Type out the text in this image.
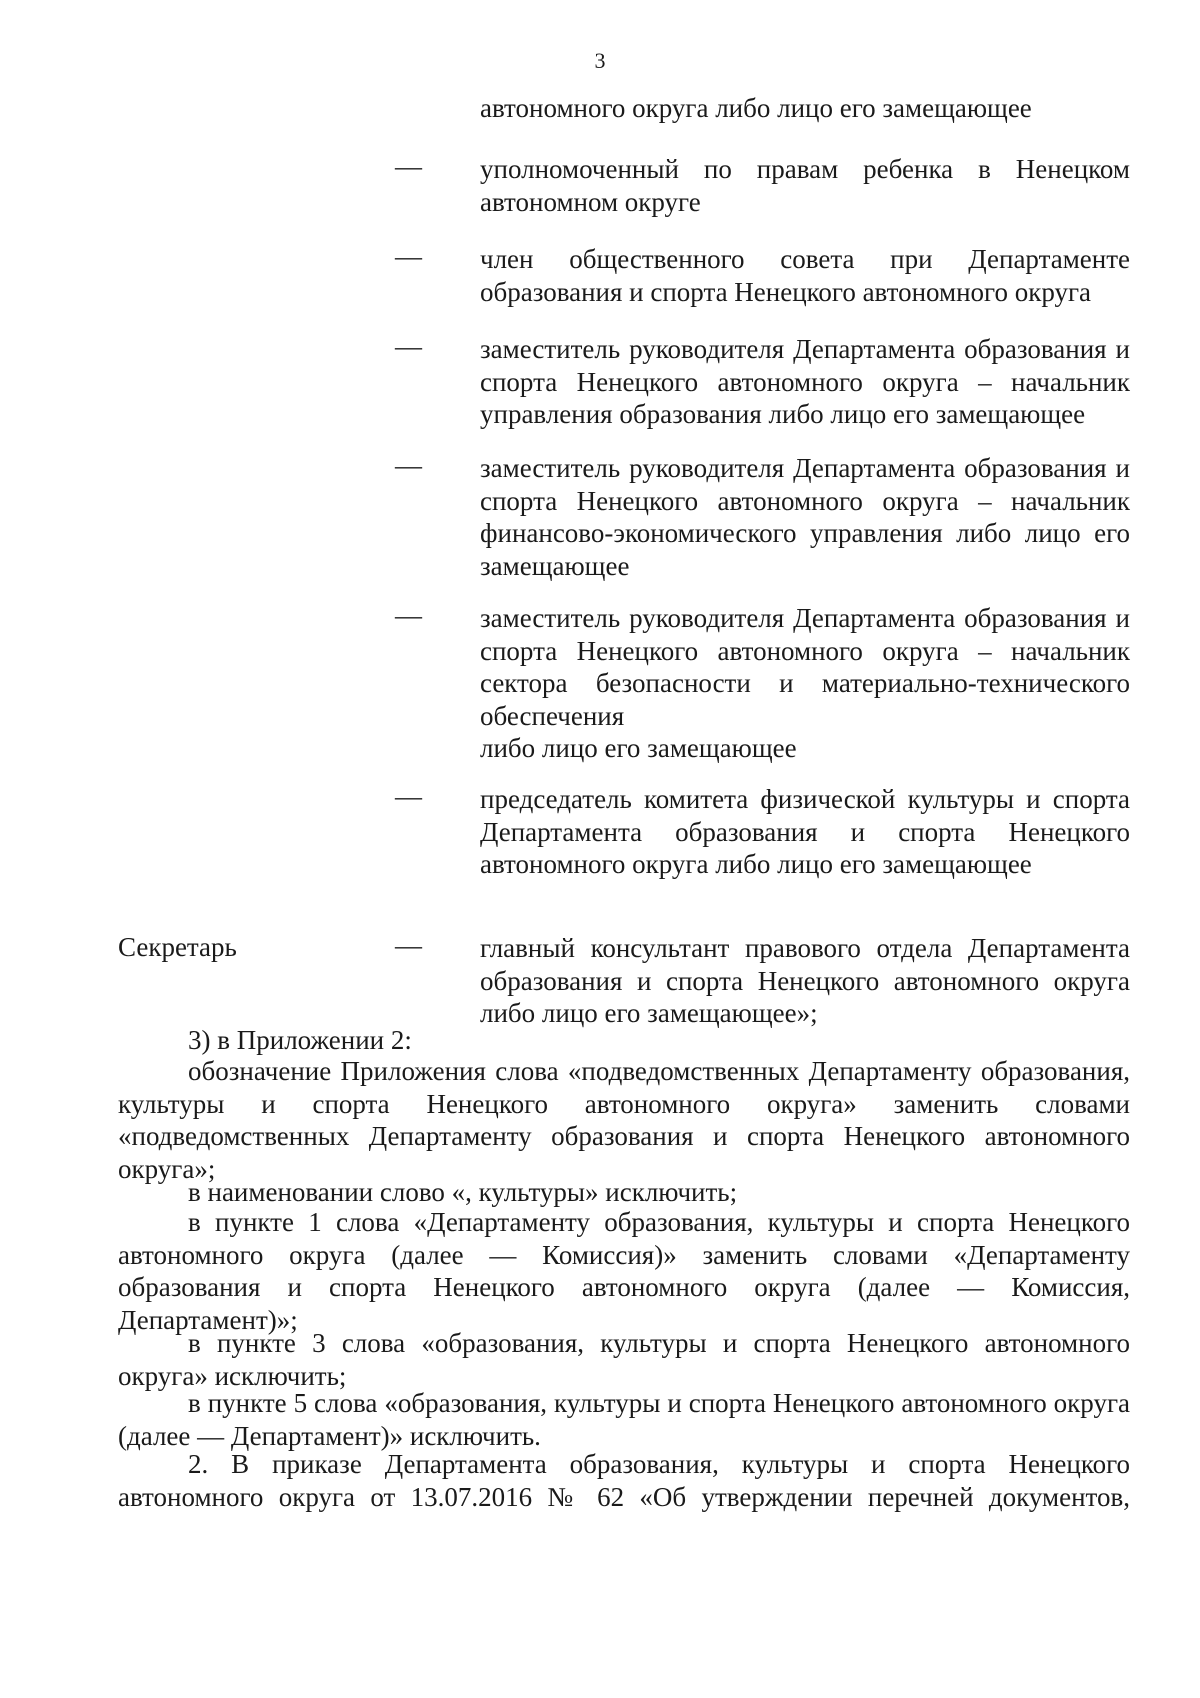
3
автономного округа либо лицо его замещающее
— уполномоченный по правам ребенка в Ненецком автономном округе
— член общественного совета при Департаменте образования и спорта Ненецкого автономного округа
— заместитель руководителя Департамента образования и спорта Ненецкого автономного округа – начальник управления образования либо лицо его замещающее
— заместитель руководителя Департамента образования и спорта Ненецкого автономного округа – начальник финансово-экономического управления либо лицо его замещающее
— заместитель руководителя Департамента образования и спорта Ненецкого автономного округа – начальник сектора безопасности и материально-технического обеспечения
либо лицо его замещающее
— председатель комитета физической культуры и спорта Департамента образования и спорта Ненецкого автономного округа либо лицо его замещающее
Секретарь	— главный консультант правового отдела Департамента образования и спорта Ненецкого автономного округа либо лицо его замещающее»;
3) в Приложении 2:
обозначение Приложения слова «подведомственных Департаменту образования, культуры и спорта Ненецкого автономного округа» заменить словами «подведомственных Департаменту образования и спорта Ненецкого автономного округа»;
в наименовании слово «, культуры» исключить;
в пункте 1 слова «Департаменту образования, культуры и спорта Ненецкого автономного округа (далее — Комиссия)» заменить словами «Департаменту образования и спорта Ненецкого автономного округа (далее — Комиссия, Департамент)»;
в пункте 3 слова «образования, культуры и спорта Ненецкого автономного округа» исключить;
в пункте 5 слова «образования, культуры и спорта Ненецкого автономного округа (далее — Департамент)» исключить.
2. В приказе Департамента образования, культуры и спорта Ненецкого автономного округа от 13.07.2016 № 62 «Об утверждении перечней документов,
